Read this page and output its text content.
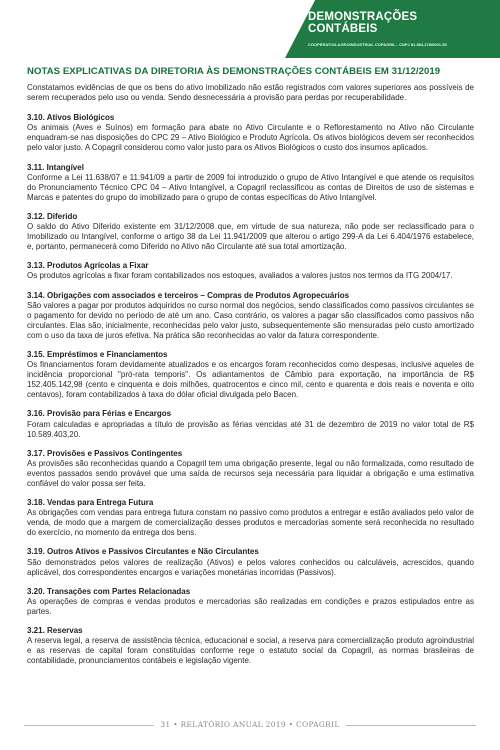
DEMONSTRAÇÕES
CONTÁBEIS
COOPERATIVA AGROINDUSTRIAL COPAGRIL - CNPJ 81.584.278/0001-55
NOTAS EXPLICATIVAS DA DIRETORIA ÀS DEMONSTRAÇÕES CONTÁBEIS EM 31/12/2019

Constatamos evidências de que os bens do ativo imobilizado não estão registrados com valores superiores aos possíveis de serem recuperados pelo uso ou venda. Sendo desnecessária a provisão para perdas por recuperabilidade.

3.10. Ativos Biológicos

Os animais (Aves e Suínos) em formação para abate no Ativo Circulante e o Reflorestamento no Ativo não Circulante enquadram-se nas disposições do CPC 29 – Ativo Biológico e Produto Agrícola. Os ativos biológicos devem ser reconhecidos pelo valor justo. A Copagril considerou como valor justo para os Ativos Biológicos o custo dos insumos aplicados.

3.11. Intangível

Conforme a Lei 11.638/07 e 11.941/09 a partir de 2009 foi introduzido o grupo de Ativo Intangível e que atende os requisitos do Pronunciamento Técnico CPC 04 – Ativo Intangível, a Copagril reclassificou as contas de Direitos de uso de sistemas e Marcas e patentes do grupo do imobilizado para o grupo de contas específicas do Ativo Intangível.

3.12. Diferido

O saldo do Ativo Diferido existente em 31/12/2008 que, em virtude de sua natureza, não pode ser reclassificado para o Imobilizado ou Intangível, conforme o artigo 38 da Lei 11.941/2009 que alterou o artigo 299-A da Lei 6.404/1976 estabelece, e, portanto, permanecerá como Diferido no Ativo não Circulante até sua total amortização.

3.13. Produtos Agrícolas a Fixar

Os produtos agrícolas a fixar foram contabilizados nos estoques, avaliados a valores justos nos termos da ITG 2004/17.

3.14. Obrigações com associados e terceiros – Compras de Produtos Agropecuários

São valores a pagar por produtos adquiridos no curso normal dos negócios, sendo classificados como passivos circulantes se o pagamento for devido no período de até um ano. Caso contrário, os valores a pagar são classificados como passivos não circulantes. Elas são, inicialmente, reconhecidas pelo valor justo, subsequentemente são mensuradas pelo custo amortizado com o uso da taxa de juros efetiva. Na prática são reconhecidas ao valor da fatura correspondente.

3.15. Empréstimos e Financiamentos

Os financiamentos foram devidamente atualizados e os encargos foram reconhecidos como despesas, inclusive aqueles de incidência proporcional "pró-rata temporis". Os adiantamentos de Câmbio para exportação, na importância de R$ 152.405.142,98 (cento e cinquenta e dois milhões, quatrocentos e cinco mil, cento e quarenta e dois reais e noventa e oito centavos), foram contabilizados à taxa do dólar oficial divulgada pelo Bacen.

3.16. Provisão para Férias e Encargos

Foram calculadas e apropriadas a título de provisão as férias vencidas até 31 de dezembro de 2019 no valor total de R$ 10.589.403,20.

3.17. Provisões e Passivos Contingentes

As provisões são reconhecidas quando a Copagril tem uma obrigação presente, legal ou não formalizada, como resultado de eventos passados sendo provável que uma saída de recursos seja necessária para liquidar a obrigação e uma estimativa confiável do valor possa ser feita.

3.18. Vendas para Entrega Futura

As obrigações com vendas para entrega futura constam no passivo como produtos a entregar e estão avaliados pelo valor de venda, de modo que a margem de comercialização desses produtos e mercadorias somente será reconhecida no resultado do exercício, no momento da entrega dos bens.

3.19. Outros Ativos e Passivos Circulantes e Não Circulantes

São demonstrados pelos valores de realização (Ativos) e pelos valores conhecidos ou calculáveis, acrescidos, quando aplicável, dos correspondentes encargos e variações monetárias incorridas (Passivos).

3.20. Transações com Partes Relacionadas

As operações de compras e vendas produtos e mercadorias são realizadas em condições e prazos estipulados entre as partes.

3.21. Reservas

A reserva legal, a reserva de assistência técnica, educacional e social, a reserva para comercialização produto agroindustrial e as reservas de capital foram constituídas conforme rege o estatuto social da Copagril, as normas brasileiras de contabilidade, pronunciamentos contábeis e legislação vigente.

31 • RELATÓRIO ANUAL 2019 • COPAGRIL
